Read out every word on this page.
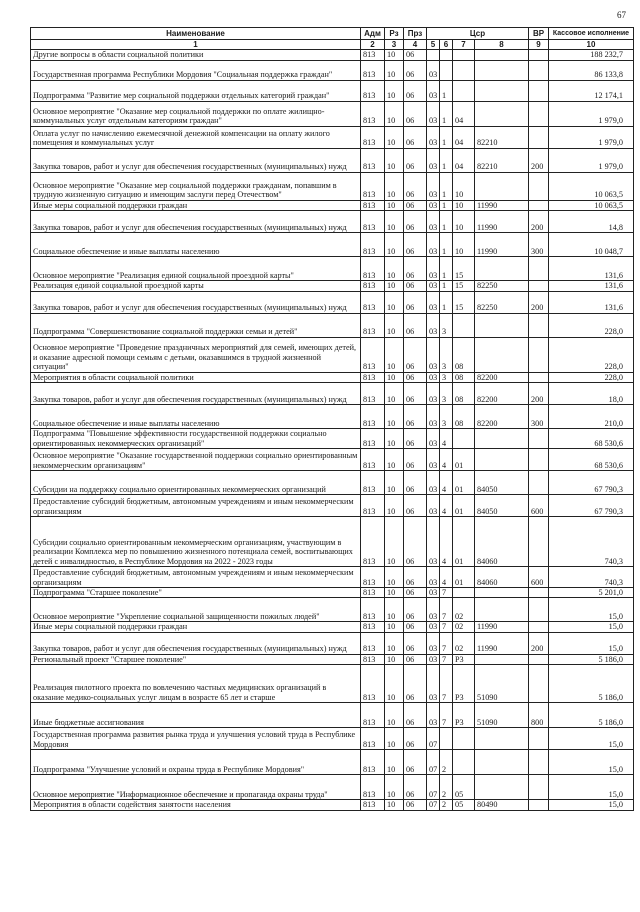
67
Наименование	Адм	Рз	Прз	Цср				ВР	Кассовое исполнение
1	2	3	4	5	6	7	8	9	10
Другие вопросы в области социальной политики	813	10	06						188 232,7
Государственная программа Республики Мордовия "Социальная поддержка граждан"	813	10	06	03					86 133,8
Подпрограмма "Развитие мер социальной поддержки отдельных категорий граждан"	813	10	06	03	1				12 174,1
Основное мероприятие "Оказание мер социальной поддержки по оплате жилищно-коммунальных услуг отдельным категориям граждан"	813	10	06	03	1	04			1 979,0
Оплата услуг по начислению ежемесячной денежной компенсации на оплату жилого помещения и коммунальных услуг	813	10	06	03	1	04	82210		1 979,0
Закупка товаров, работ и услуг для обеспечения государственных (муниципальных) нужд	813	10	06	03	1	04	82210	200	1 979,0
Основное мероприятие "Оказание мер социальной поддержки гражданам, попавшим в трудную жизненную ситуацию и имеющим заслуги перед Отечеством"	813	10	06	03	1	10			10 063,5
Иные меры социальной поддержки граждан	813	10	06	03	1	10	11990		10 063,5
Закупка товаров, работ и услуг для обеспечения государственных (муниципальных) нужд	813	10	06	03	1	10	11990	200	14,8
Социальное обеспечение и иные выплаты населению	813	10	06	03	1	10	11990	300	10 048,7
Основное мероприятие "Реализация единой социальной проездной карты"	813	10	06	03	1	15			131,6
Реализация единой социальной проездной карты	813	10	06	03	1	15	82250		131,6
Закупка товаров, работ и услуг для обеспечения государственных (муниципальных) нужд	813	10	06	03	1	15	82250	200	131,6
Подпрограмма "Совершенствование социальной поддержки семьи и детей"	813	10	06	03	3				228,0
Основное мероприятие "Проведение праздничных мероприятий для семей, имеющих детей, и оказание адресной помощи семьям с детьми, оказавшимся в трудной жизненной ситуации"	813	10	06	03	3	08			228,0
Мероприятия в области социальной политики	813	10	06	03	3	08	82200		228,0
Закупка товаров, работ и услуг для обеспечения государственных (муниципальных) нужд	813	10	06	03	3	08	82200	200	18,0
Социальное обеспечение и иные выплаты населению	813	10	06	03	3	08	82200	300	210,0
Подпрограмма "Повышение эффективности государственной поддержки социально ориентированных некоммерческих организаций"	813	10	06	03	4				68 530,6
Основное мероприятие "Оказание государственной поддержки социально ориентированным некоммерческим организациям"	813	10	06	03	4	01			68 530,6
Субсидии на поддержку социально ориентированных некоммерческих организаций	813	10	06	03	4	01	84050		67 790,3
Предоставление субсидий бюджетным, автономным учреждениям и иным некоммерческим организациям	813	10	06	03	4	01	84050	600	67 790,3
Субсидии социально ориентированным некоммерческим организациям, участвующим в реализации Комплекса мер по повышению жизненного потенциала семей, воспитывающих детей с инвалидностью, в Республике Мордовия на 2022 - 2023 годы	813	10	06	03	4	01	84060		740,3
Предоставление субсидий бюджетным, автономным учреждениям и иным некоммерческим организациям	813	10	06	03	4	01	84060	600	740,3
Подпрограмма "Старшее поколение"	813	10	06	03	7				5 201,0
Основное мероприятие "Укрепление социальной защищенности пожилых людей"	813	10	06	03	7	02			15,0
Иные меры социальной поддержки граждан	813	10	06	03	7	02	11990		15,0
Закупка товаров, работ и услуг для обеспечения государственных (муниципальных) нужд	813	10	06	03	7	02	11990	200	15,0
Региональный проект "Старшее поколение"	813	10	06	03	7	P3			5 186,0
Реализация пилотного проекта по вовлечению частных медицинских организаций в оказание медико-социальных услуг лицам в возрасте 65 лет и старше	813	10	06	03	7	P3	51090		5 186,0
Иные бюджетные ассигнования	813	10	06	03	7	P3	51090	800	5 186,0
Государственная программа развития рынка труда и улучшения условий труда в Республике Мордовия	813	10	06	07					15,0
Подпрограмма "Улучшение условий и охраны труда в Республике Мордовия"	813	10	06	07	2				15,0
Основное мероприятие "Информационное обеспечение и пропаганда охраны труда"	813	10	06	07	2	05			15,0
Мероприятия в области содействия занятости населения	813	10	06	07	2	05	80490		15,0
